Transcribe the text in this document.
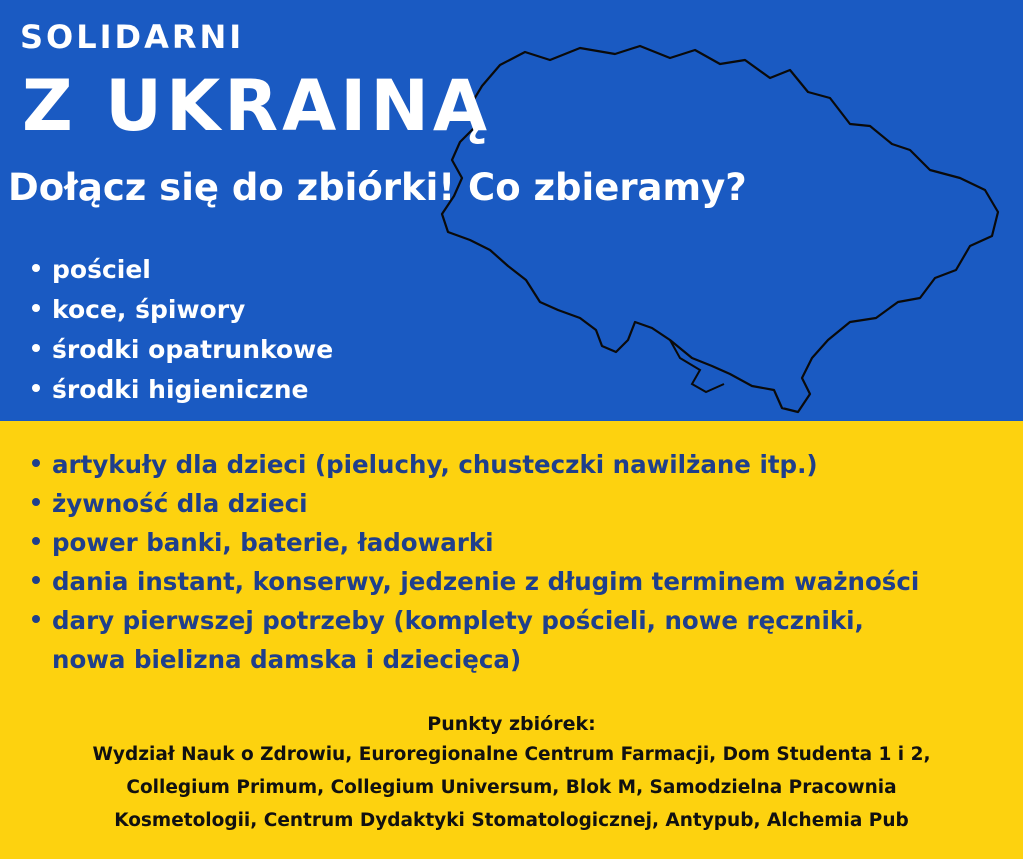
SOLIDARNI
Z UKRAINĄ
Dołącz się do zbiórki! Co zbieramy?
pościel
koce, śpiwory
środki opatrunkowe
środki higieniczne
artykuły dla dzieci (pieluchy, chusteczki nawilżane itp.)
żywność dla dzieci
power banki, baterie, ładowarki
dania instant, konserwy, jedzenie z długim terminem ważności
dary pierwszej potrzeby (komplety pościeli, nowe ręczniki,
nowa bielizna damska i dziecięca)
Punkty zbiórek:
Wydział Nauk o Zdrowiu, Euroregionalne Centrum Farmacji, Dom Studenta 1 i 2,
Collegium Primum, Collegium Universum, Blok M, Samodzielna Pracownia
Kosmetologii, Centrum Dydaktyki Stomatologicznej, Antypub, Alchemia Pub
